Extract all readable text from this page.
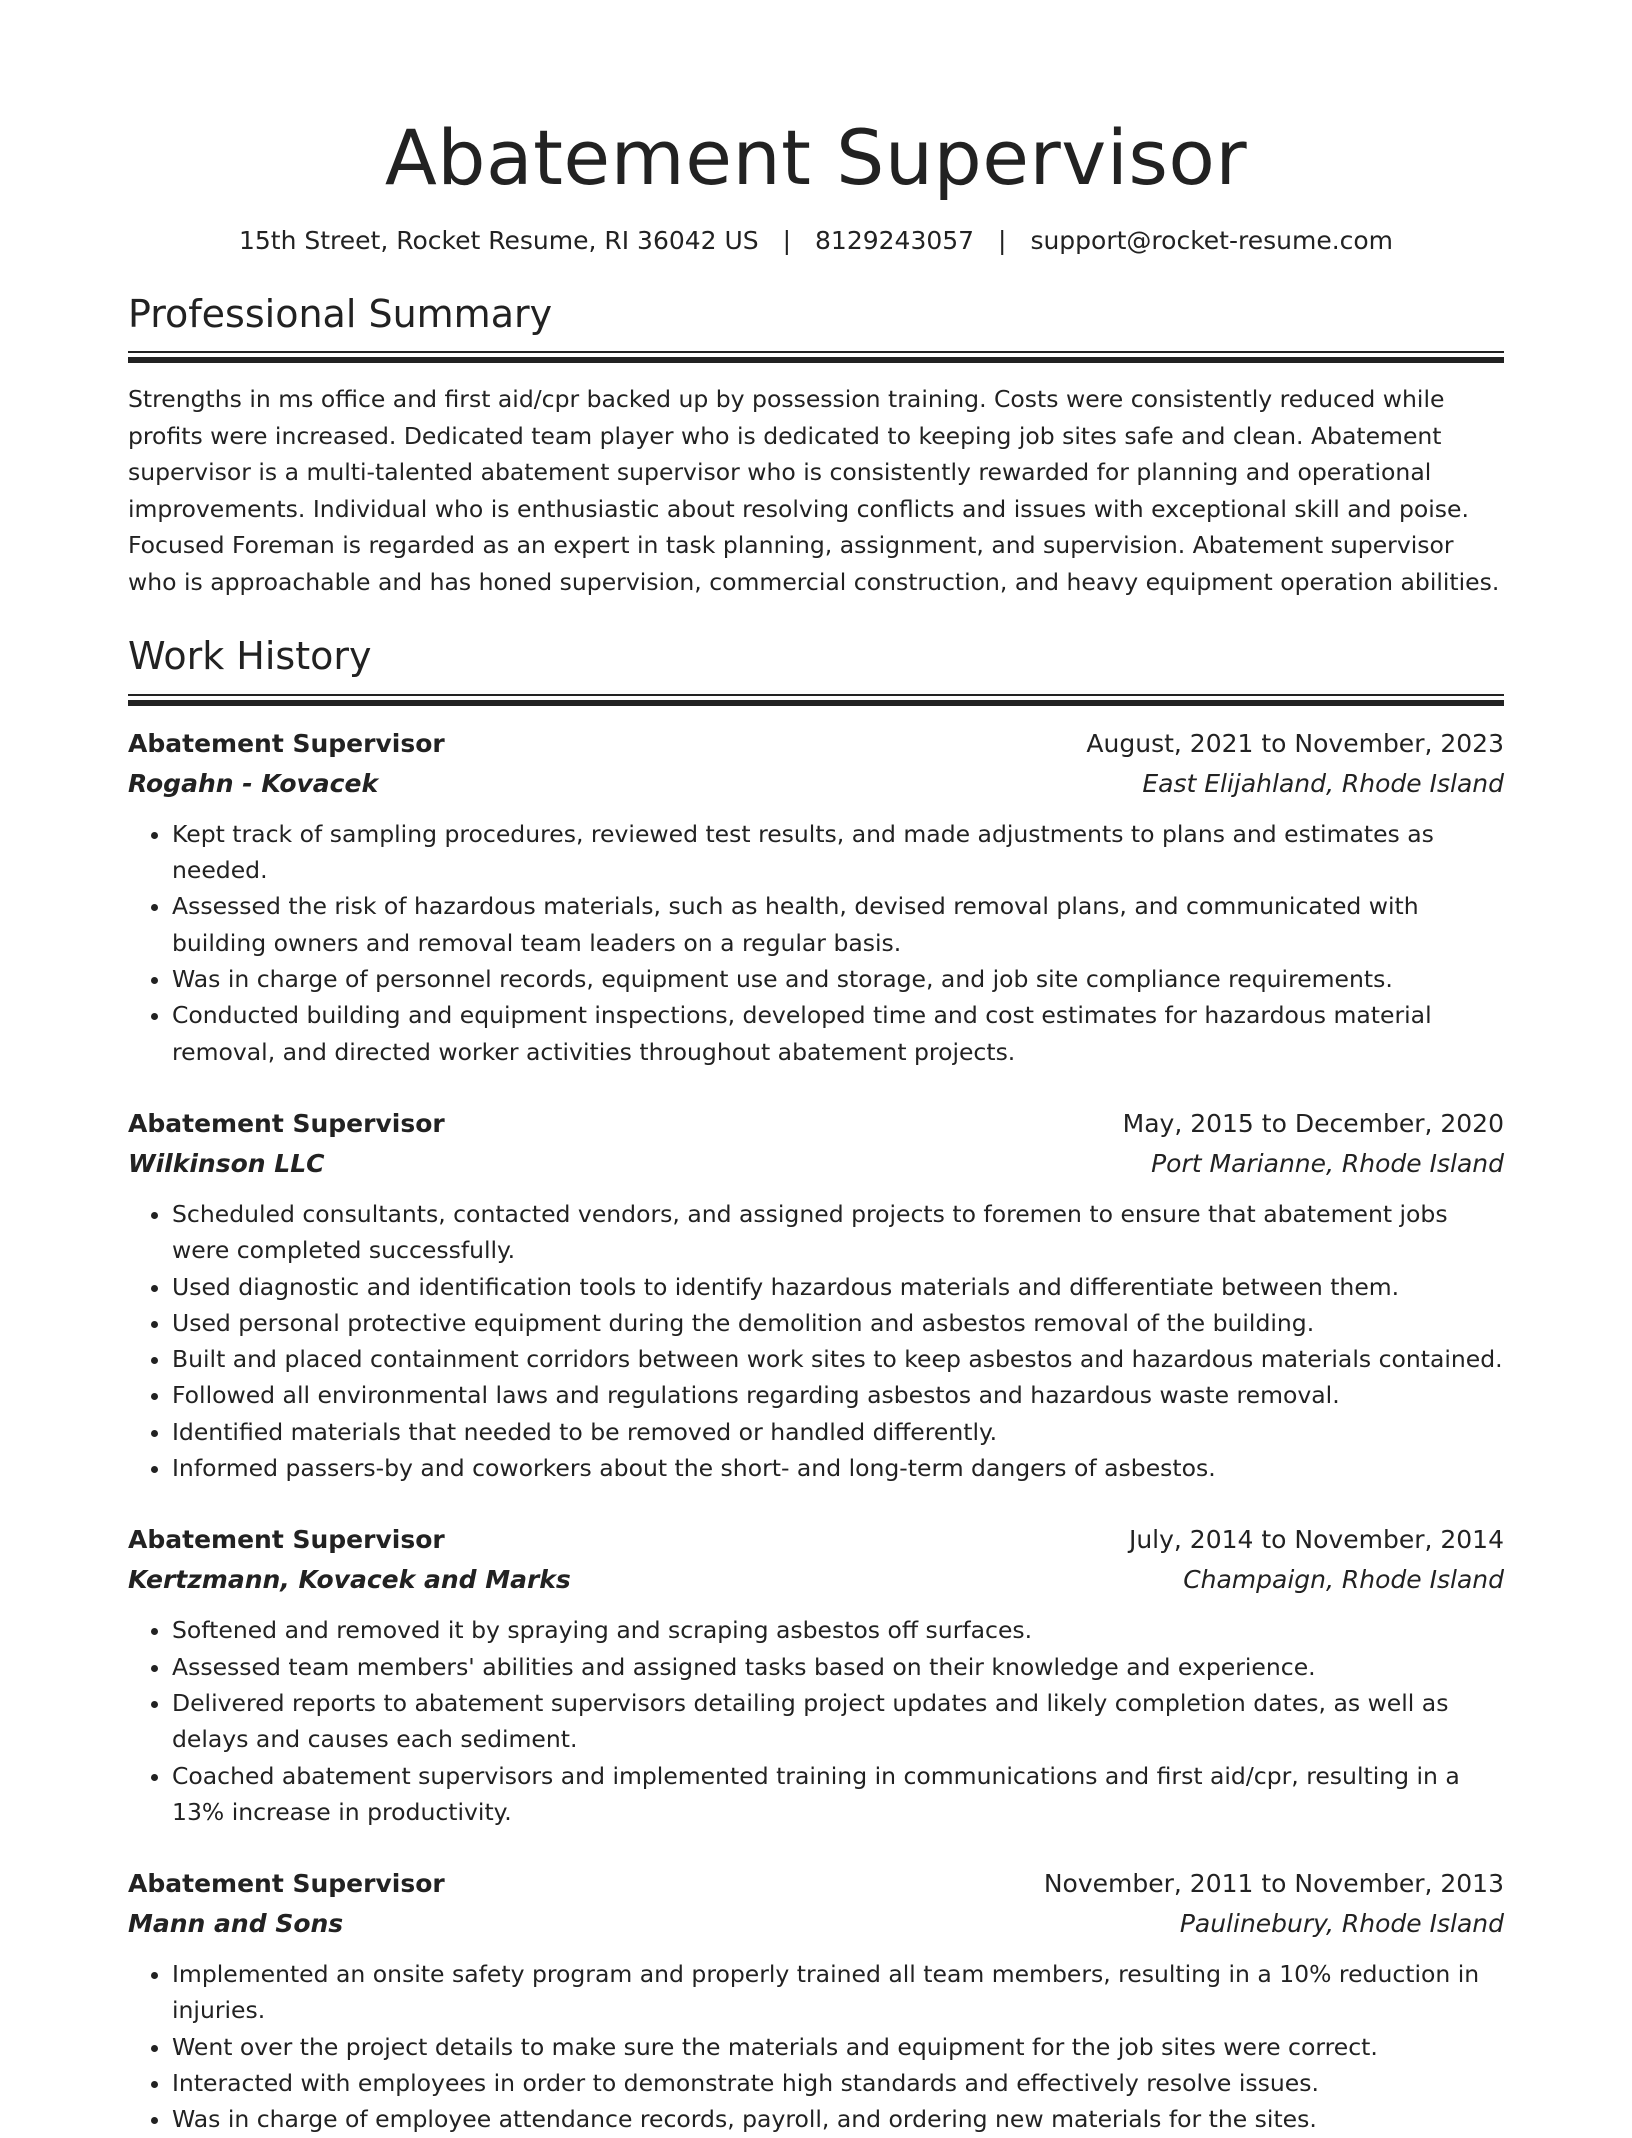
Abatement Supervisor
15th Street, Rocket Resume, RI 36042 US | 8129243057 | support@rocket-resume.com
Professional Summary

Strengths in ms office and first aid/cpr backed up by possession training. Costs were consistently reduced while profits were increased. Dedicated team player who is dedicated to keeping job sites safe and clean. Abatement supervisor is a multi-talented abatement supervisor who is consistently rewarded for planning and operational improvements. Individual who is enthusiastic about resolving conflicts and issues with exceptional skill and poise. Focused Foreman is regarded as an expert in task planning, assignment, and supervision. Abatement supervisor who is approachable and has honed supervision, commercial construction, and heavy equipment operation abilities.

Work History
Abatement Supervisor	August, 2021 to November, 2023
Rogahn - Kovacek	East Elijahland, Rhode Island
• Kept track of sampling procedures, reviewed test results, and made adjustments to plans and estimates as needed.
• Assessed the risk of hazardous materials, such as health, devised removal plans, and communicated with building owners and removal team leaders on a regular basis.
• Was in charge of personnel records, equipment use and storage, and job site compliance requirements.
• Conducted building and equipment inspections, developed time and cost estimates for hazardous material removal, and directed worker activities throughout abatement projects.
Abatement Supervisor	May, 2015 to December, 2020
Wilkinson LLC	Port Marianne, Rhode Island
• Scheduled consultants, contacted vendors, and assigned projects to foremen to ensure that abatement jobs were completed successfully.
• Used diagnostic and identification tools to identify hazardous materials and differentiate between them.
• Used personal protective equipment during the demolition and asbestos removal of the building.
• Built and placed containment corridors between work sites to keep asbestos and hazardous materials contained.
• Followed all environmental laws and regulations regarding asbestos and hazardous waste removal.
• Identified materials that needed to be removed or handled differently.
• Informed passers-by and coworkers about the short- and long-term dangers of asbestos.
Abatement Supervisor	July, 2014 to November, 2014
Kertzmann, Kovacek and Marks	Champaign, Rhode Island
• Softened and removed it by spraying and scraping asbestos off surfaces.
• Assessed team members' abilities and assigned tasks based on their knowledge and experience.
• Delivered reports to abatement supervisors detailing project updates and likely completion dates, as well as delays and causes each sediment.
• Coached abatement supervisors and implemented training in communications and first aid/cpr, resulting in a 13% increase in productivity.
Abatement Supervisor	November, 2011 to November, 2013
Mann and Sons	Paulinebury, Rhode Island
• Implemented an onsite safety program and properly trained all team members, resulting in a 10% reduction in injuries.
• Went over the project details to make sure the materials and equipment for the job sites were correct.
• Interacted with employees in order to demonstrate high standards and effectively resolve issues.
• Was in charge of employee attendance records, payroll, and ordering new materials for the sites.
